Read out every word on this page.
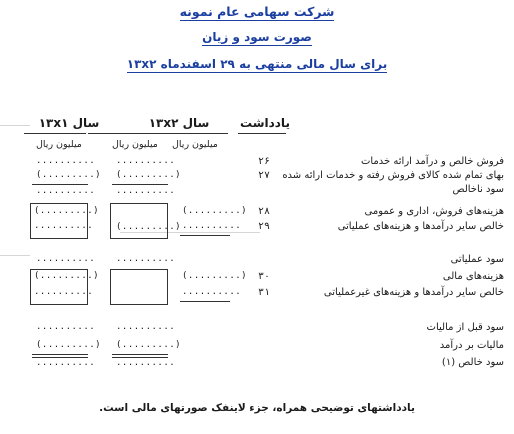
شرکت سهامی عام نمونه
صورت سود و زیان
برای سال مالی منتهی به ۲۹ اسفندماه ۱۳x۲
یادداشت
سال ۱۳x۲
سال ۱۳x۱
میلیون ریال
میلیون ریال
میلیون ریال
فروش خالص و درآمد ارائه خدمات
بهای تمام شده کالای فروش رفته و خدمات ارائه شده
سود ناخالص
هزینه‌های فروش، اداری و عمومی
خالص سایر درآمدها و هزینه‌های عملیاتی
سود عملیاتی
هزینه‌های مالی
خالص سایر درآمدها و هزینه‌های غیرعملیاتی
سود قبل از مالیات
مالیات بر درآمد
سود خالص (۱)
۲۶
۲۷
۲۸
۲۹
۳۰
۳۱
(.........)
..........
(.........)
..........
..........
(.........)
..........
(.........)
..........
..........
(.........)
..........
..........
(.........)
..........
(.........)
..........
..........
(.........)
..........
..........
(.........)
..........
یادداشتهای توضیحی همراه، جزء لاینفک صورتهای مالی است.
